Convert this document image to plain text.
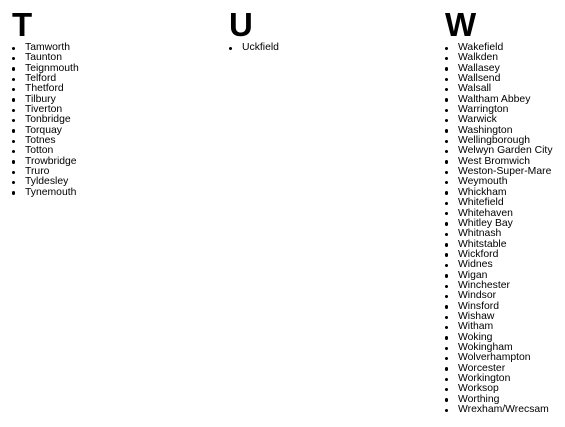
T
Tamworth
Taunton
Teignmouth
Telford
Thetford
Tilbury
Tiverton
Tonbridge
Torquay
Totnes
Totton
Trowbridge
Truro
Tyldesley
Tynemouth
U
Uckfield
W
Wakefield
Walkden
Wallasey
Wallsend
Walsall
Waltham Abbey
Warrington
Warwick
Washington
Wellingborough
Welwyn Garden City
West Bromwich
Weston-Super-Mare
Weymouth
Whickham
Whitefield
Whitehaven
Whitley Bay
Whitnash
Whitstable
Wickford
Widnes
Wigan
Winchester
Windsor
Winsford
Wishaw
Witham
Woking
Wokingham
Wolverhampton
Worcester
Workington
Worksop
Worthing
Wrexham/Wrecsam
